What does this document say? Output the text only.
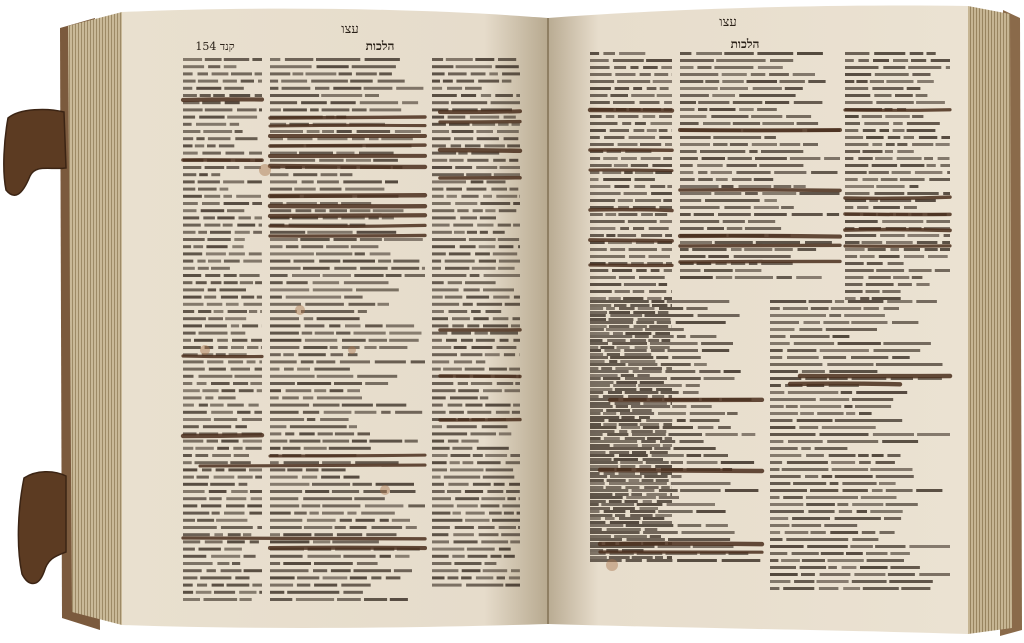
עצו
הלכות
קנד 154
עצו
הלכות
